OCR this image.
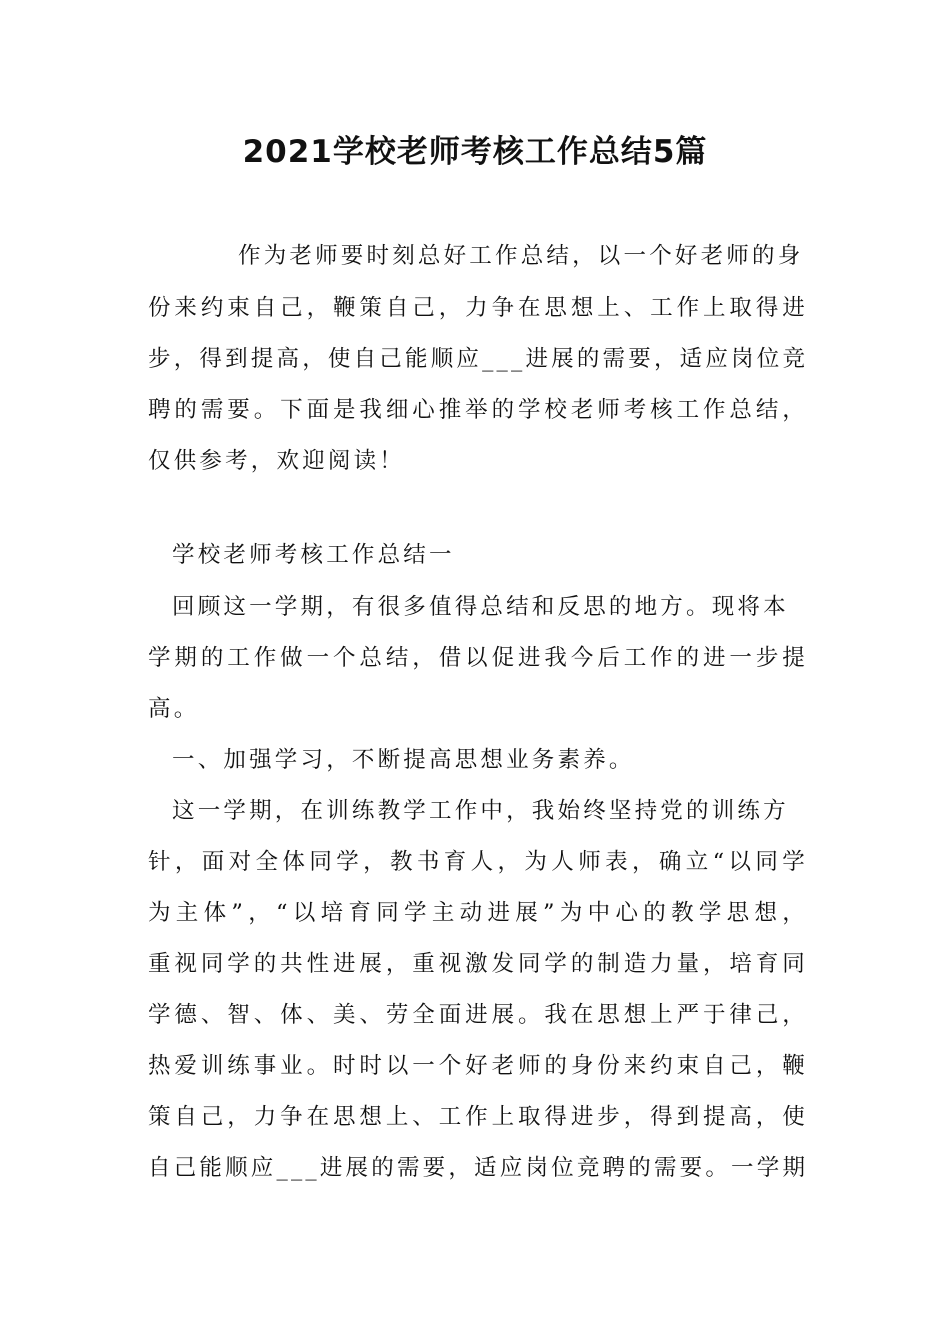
2021学校老师考核工作总结5篇
作为老师要时刻总好工作总结，以一个好老师的身
份来约束自己，鞭策自己，力争在思想上、工作上取得进
步，得到提高，使自己能顺应___进展的需要，适应岗位竞
聘的需要。下面是我细心推举的学校老师考核工作总结，
仅供参考，欢迎阅读！
学校老师考核工作总结一
回顾这一学期，有很多值得总结和反思的地方。现将本
学期的工作做一个总结，借以促进我今后工作的进一步提
高。
一、加强学习，不断提高思想业务素养。
这一学期，在训练教学工作中，我始终坚持党的训练方
针，面对全体同学，教书育人，为人师表，确立“以同学
为主体”，“以培育同学主动进展”为中心的教学思想，
重视同学的共性进展，重视激发同学的制造力量，培育同
学德、智、体、美、劳全面进展。我在思想上严于律己，
热爱训练事业。时时以一个好老师的身份来约束自己，鞭
策自己，力争在思想上、工作上取得进步，得到提高，使
自己能顺应___进展的需要，适应岗位竞聘的需要。一学期
